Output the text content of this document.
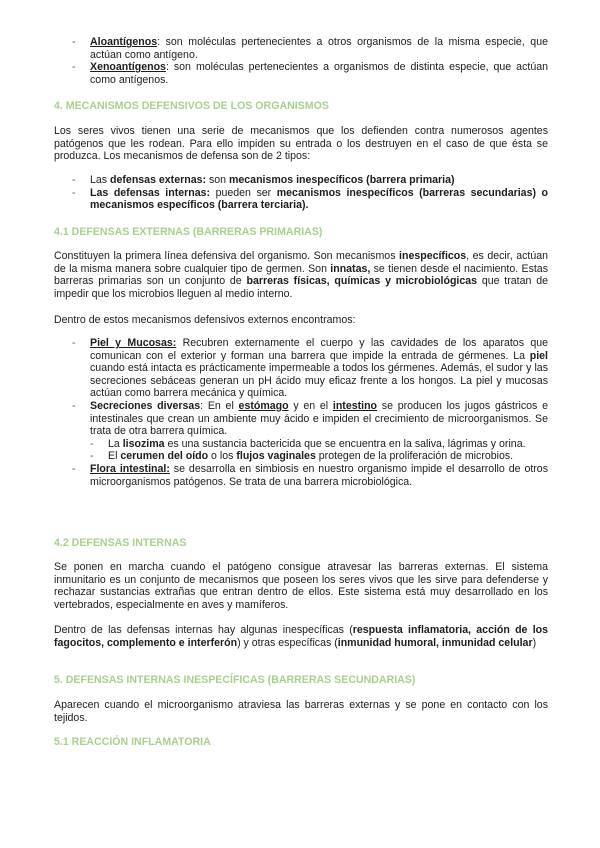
- Aloantígenos: son moléculas pertenecientes a otros organismos de la misma especie, que actúan como antígeno.
- Xenoantígenos: son moléculas pertenecientes a organismos de distinta especie, que actúan como antígenos.
4. MECANISMOS DEFENSIVOS DE LOS ORGANISMOS
Los seres vivos tienen una serie de mecanismos que los defienden contra numerosos agentes patógenos que les rodean. Para ello impiden su entrada o los destruyen en el caso de que ésta se produzca. Los mecanismos de defensa son de 2 tipos:
- Las defensas externas: son mecanismos inespecíficos (barrera primaria)
- Las defensas internas: pueden ser mecanismos inespecíficos (barreras secundarias) o mecanismos específicos (barrera terciaria).
4.1 DEFENSAS EXTERNAS (BARRERAS PRIMARIAS)
Constituyen la primera línea defensiva del organismo. Son mecanismos inespecíficos, es decir, actúan de la misma manera sobre cualquier tipo de germen. Son innatas, se tienen desde el nacimiento. Estas barreras primarias son un conjunto de barreras físicas, químicas y microbiológicas que tratan de impedir que los microbios lleguen al medio interno.
Dentro de estos mecanismos defensivos externos encontramos:
- Piel y Mucosas: Recubren externamente el cuerpo y las cavidades de los aparatos que comunican con el exterior y forman una barrera que impide la entrada de gérmenes. La piel cuando está intacta es prácticamente impermeable a todos los gérmenes. Además, el sudor y las secreciones sebáceas generan un pH ácido muy eficaz frente a los hongos. La piel y mucosas actúan como barrera mecánica y química.
- Secreciones diversas: En el estómago y en el intestino se producen los jugos gástricos e intestinales que crean un ambiente muy ácido e impiden el crecimiento de microorganismos. Se trata de otra barrera química.
- La lisozima es una sustancia bactericida que se encuentra en la saliva, lágrimas y orina.
- El cerumen del oído o los flujos vaginales protegen de la proliferación de microbios.
- Flora intestinal: se desarrolla en simbiosis en nuestro organismo impide el desarrollo de otros microorganismos patógenos. Se trata de una barrera microbiológica.
4.2 DEFENSAS INTERNAS
Se ponen en marcha cuando el patógeno consigue atravesar las barreras externas. El sistema inmunitario es un conjunto de mecanismos que poseen los seres vivos que les sirve para defenderse y rechazar sustancias extrañas que entran dentro de ellos. Este sistema está muy desarrollado en los vertebrados, especialmente en aves y mamíferos.
Dentro de las defensas internas hay algunas inespecíficas (respuesta inflamatoria, acción de los fagocitos, complemento e interferón) y otras específicas (inmunidad humoral, inmunidad celular)
5. DEFENSAS INTERNAS INESPECÍFICAS (BARRERAS SECUNDARIAS)
Aparecen cuando el microorganismo atraviesa las barreras externas y se pone en contacto con los tejidos.
5.1 REACCIÓN INFLAMATORIA
